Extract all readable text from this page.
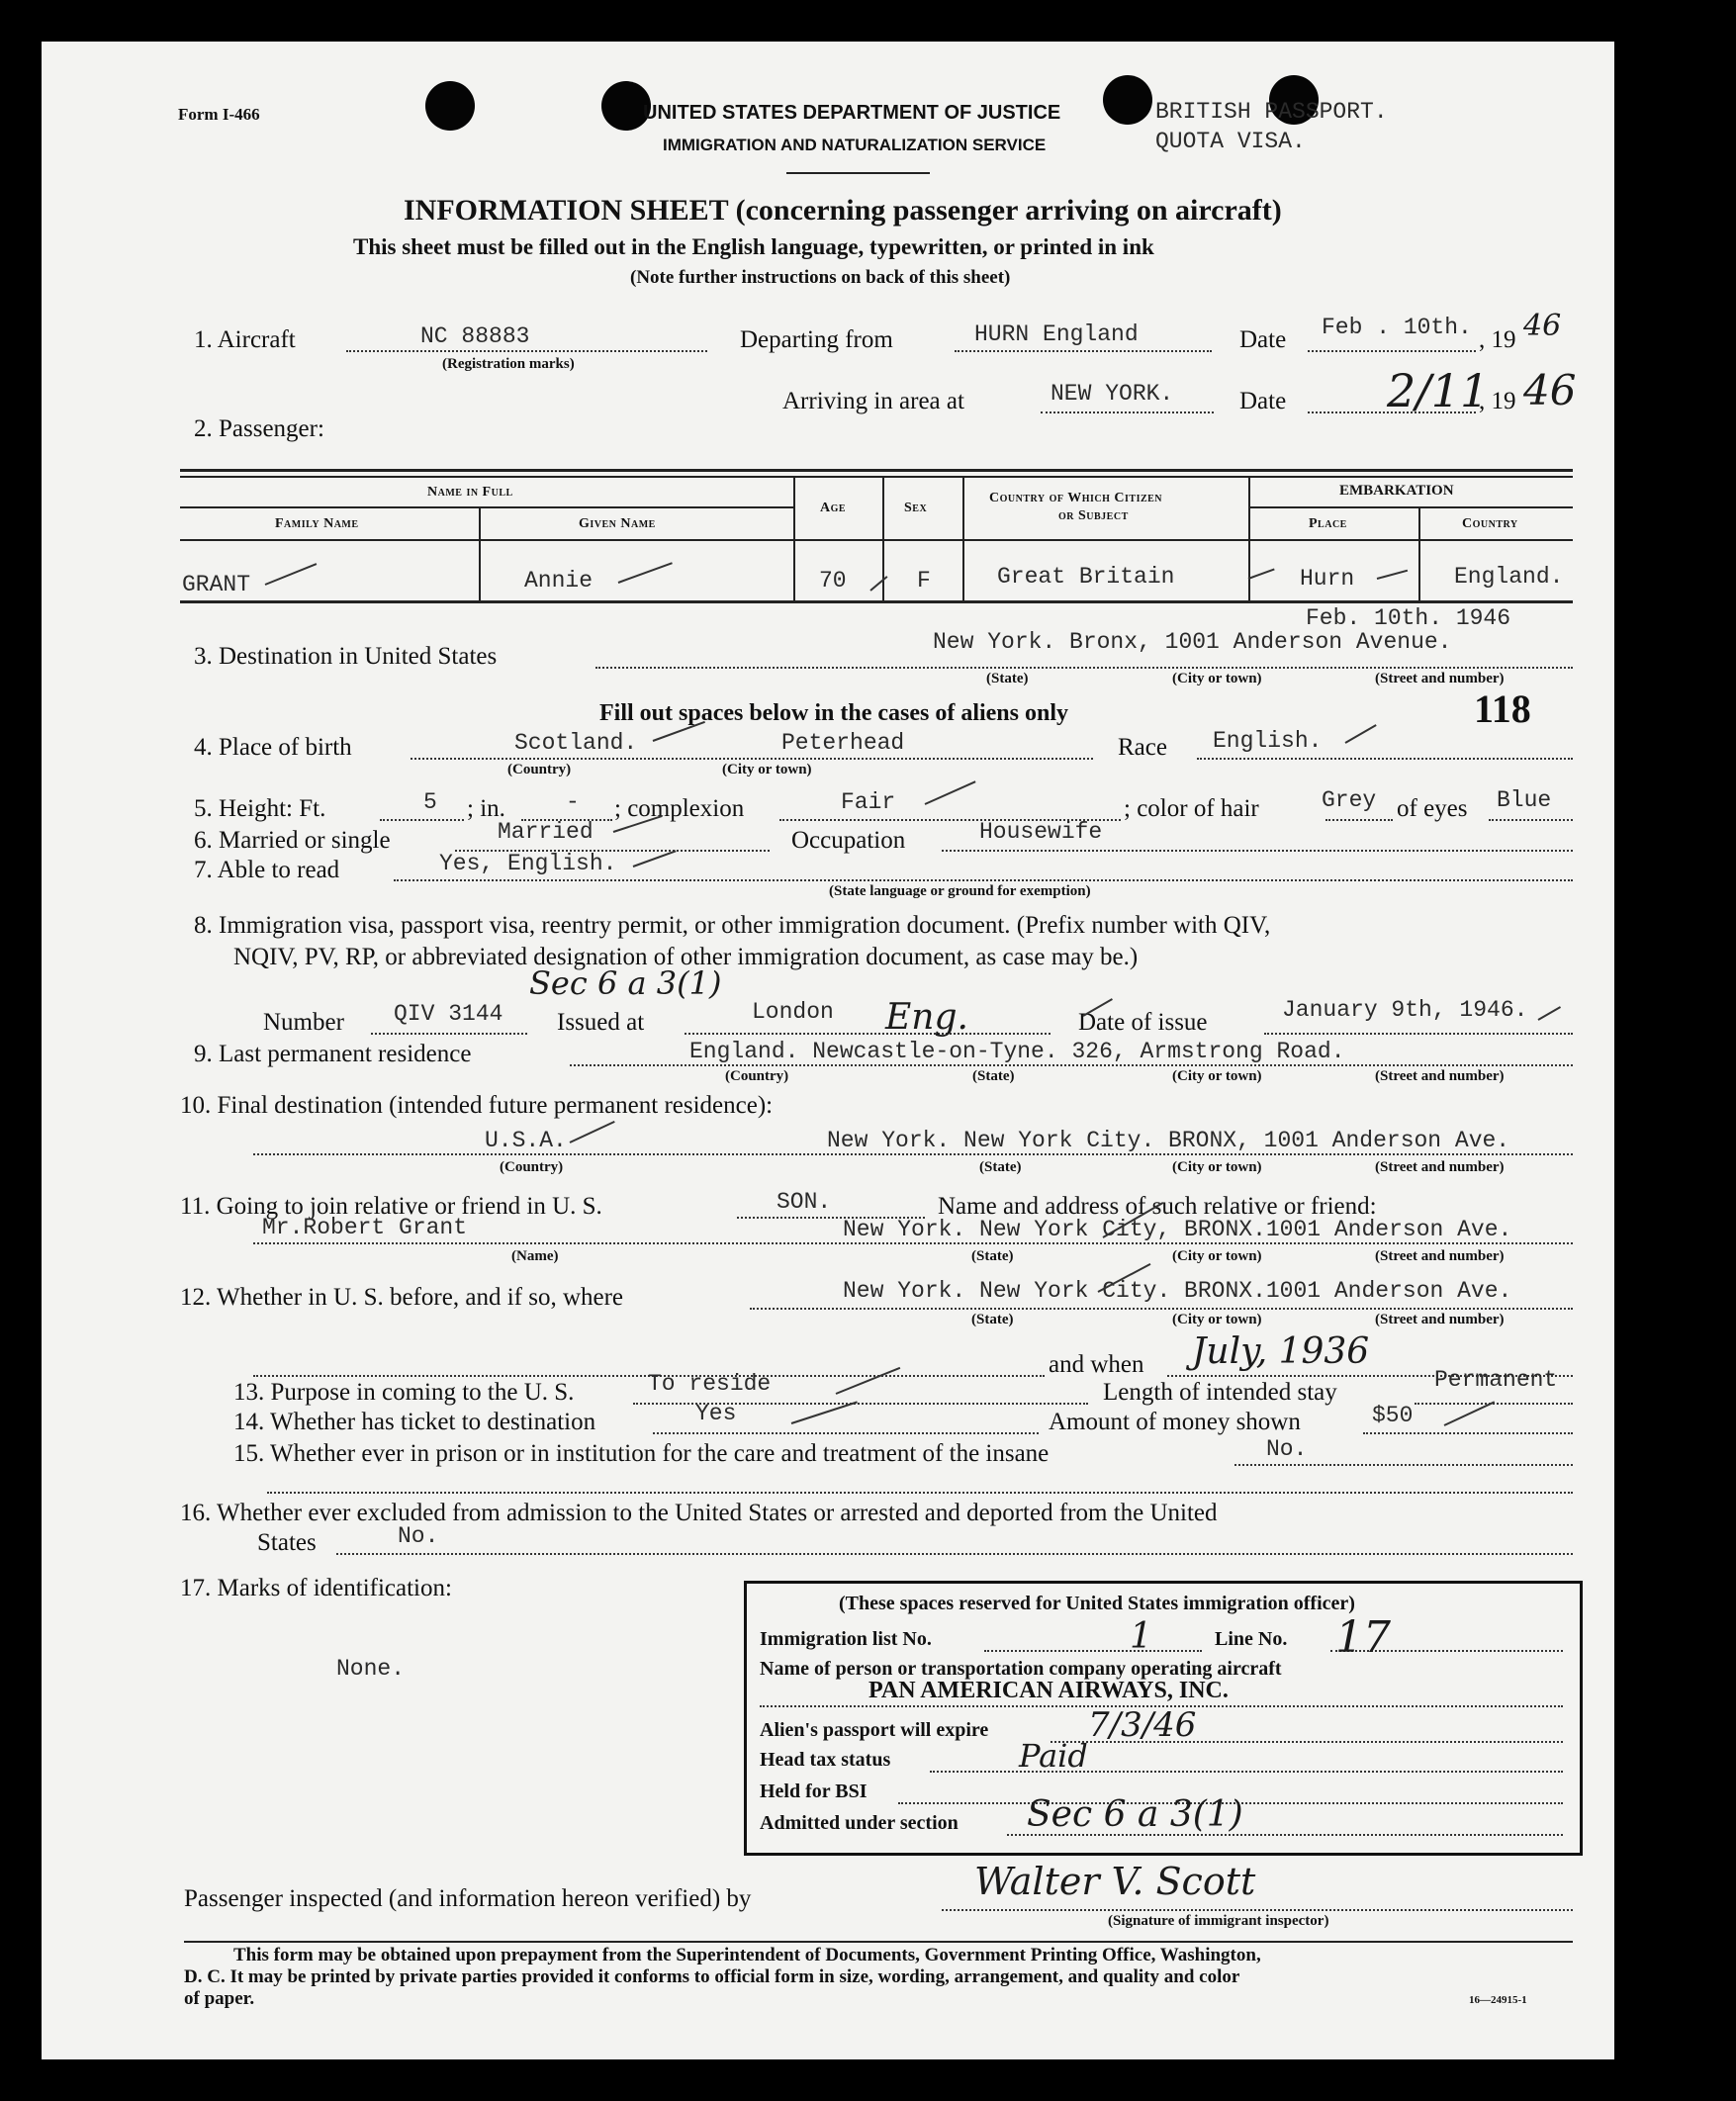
Form I-466	UNITED STATES DEPARTMENT OF JUSTICE
IMMIGRATION AND NATURALIZATION SERVICE
BRITISH PASSPORT.
QUOTA VISA.
INFORMATION SHEET (concerning passenger arriving on aircraft)
This sheet must be filled out in the English language, typewritten, or printed in ink
(Note further instructions on back of this sheet)
1. Aircraft	NC 88883
(Registration marks)
Departing from	HURN England	Date Feb . 10th. , 19 46
Arriving in area at	NEW YORK.	Date 2/11
, 19 46
2. Passenger:
Name in Full
Family Name	Given Name
Age	Sex
Country of Which Citizen
or Subject
EMBARKATION
Place	Country
GRANT	Annie	70	F	Great Britain	Hurn	England.
Feb. 10th. 1946
3. Destination in United States
New York. Bronx, 1001 Anderson Avenue.
(State)	(City or town)	(Street and number)
Fill out spaces below in the cases of aliens only	118
4. Place of birth	Scotland.	Peterhead
(Country)	(City or town)
Race English.
5. Height: Ft.	5 ; in.	- ; complexion	Fair	; color of hair	Grey of eyes Blue
6. Married or single	Married	Occupation	Housewife
7. Able to read	Yes, English.
(State language or ground for exemption)
8. Immigration visa, passport visa, reentry permit, or other immigration document. (Prefix number with QIV,
NQIV, PV, RP, or abbreviated designation of other immigration document, as case may be.)
Sec 6 a 3(1)
Number QIV 3144 Issued at	London Eng.	Date of issue	January 9th, 1946.
9. Last permanent residence	England. Newcastle-on-Tyne. 326, Armstrong Road.
(Country)	(State)	(City or town)	(Street and number)
10. Final destination (intended future permanent residence):
U.S.A.	New York. New York City. BRONX, 1001 Anderson Ave.
(Country)	(State)	(City or town)	(Street and number)
11. Going to join relative or friend in U. S.	SON.	Name and address of such relative or friend:
Mr.Robert Grant	New York. New York City, BRONX.1001 Anderson Ave.
(Name)	(State)	(City or town)	(Street and number)
12. Whether in U. S. before, and if so, where	New York. New York City. BRONX.1001 Anderson Ave.
(State)	(City or town)	(Street and number)
and when July, 1936
13. Purpose in coming to the U. S.	To reside	Length of intended stay	Permanent
14. Whether has ticket to destination	Yes	Amount of money shown	$50
15. Whether ever in prison or in institution for the care and treatment of the insane	No.
16. Whether ever excluded from admission to the United States or arrested and deported from the United
States	No.
17. Marks of identification:
None.
(These spaces reserved for United States immigration officer)
Immigration list No.	1	Line No. 17
Name of person or transportation company operating aircraft
PAN AMERICAN AIRWAYS, INC.
Alien's passport will expire	7/3/46
Head tax status	Paid
Held for BSI
Admitted under section Sec 6 a 3(1)
Passenger inspected (and information hereon verified) by	Walter V. Scott
(Signature of immigrant inspector)
This form may be obtained upon prepayment from the Superintendent of Documents, Government Printing Office, Washington,
D. C. It may be printed by private parties provided it conforms to official form in size, wording, arrangement, and quality and color
of paper.	16—24915-1
